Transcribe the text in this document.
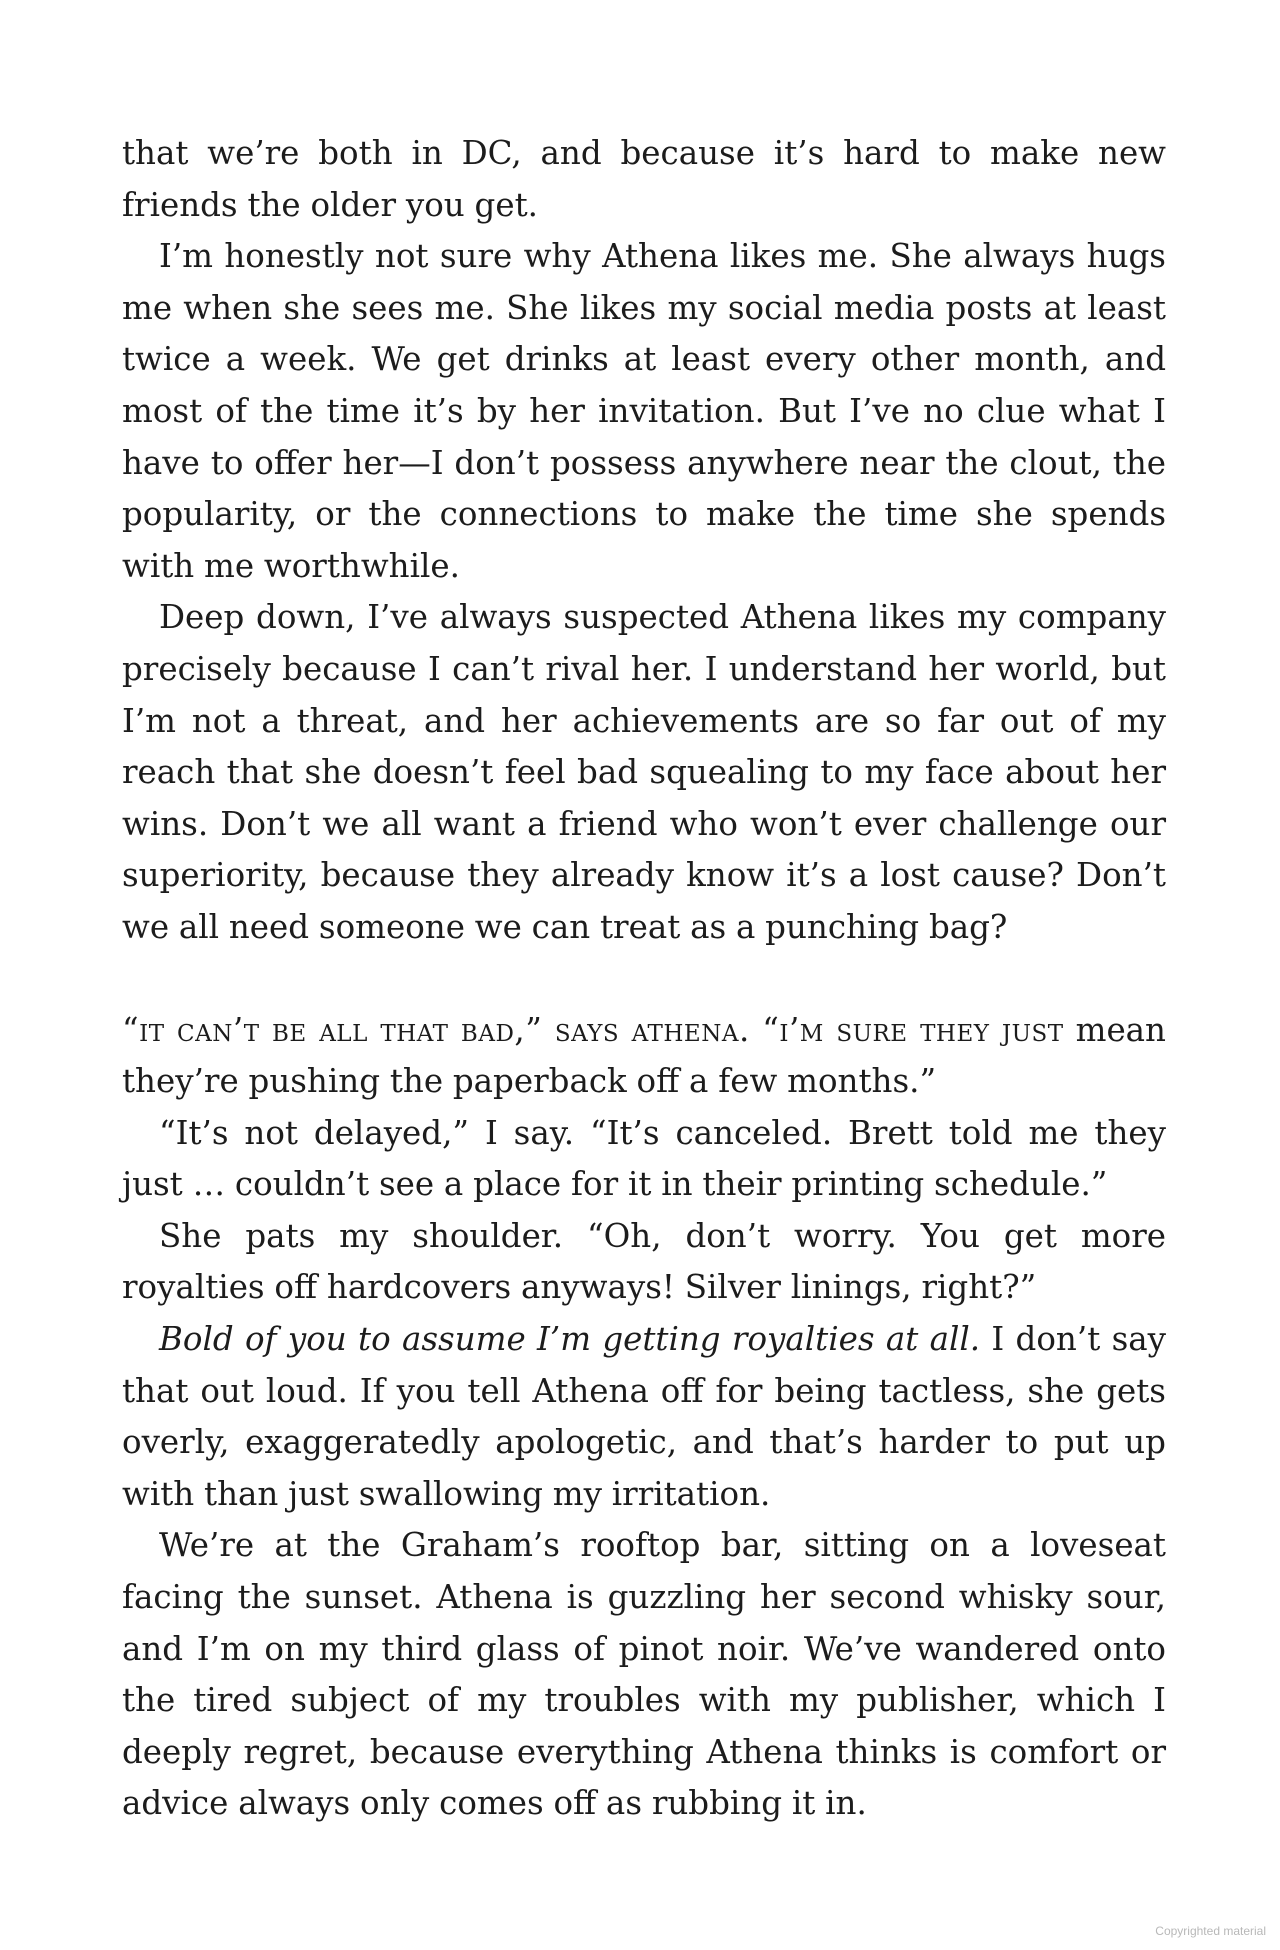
that we’re both in DC, and because it’s hard to make new friends the older you get.

I’m honestly not sure why Athena likes me. She always hugs me when she sees me. She likes my social media posts at least twice a week. We get drinks at least every other month, and most of the time it’s by her invitation. But I’ve no clue what I have to offer her—I don’t possess anywhere near the clout, the popularity, or the connections to make the time she spends with me worthwhile.

Deep down, I’ve always suspected Athena likes my company precisely because I can’t rival her. I understand her world, but I’m not a threat, and her achievements are so far out of my reach that she doesn’t feel bad squealing to my face about her wins. Don’t we all want a friend who won’t ever challenge our superiority, because they already know it’s a lost cause? Don’t we all need someone we can treat as a punching bag?

“it can’t be all that bad,” says athena. “i’m sure they just mean they’re pushing the paperback off a few months.”

“It’s not delayed,” I say. “It’s canceled. Brett told me they just … couldn’t see a place for it in their printing schedule.”

She pats my shoulder. “Oh, don’t worry. You get more royalties off hardcovers anyways! Silver linings, right?”

Bold of you to assume I’m getting royalties at all. I don’t say that out loud. If you tell Athena off for being tactless, she gets overly, exaggeratedly apologetic, and that’s harder to put up with than just swallowing my irritation.

We’re at the Graham’s rooftop bar, sitting on a loveseat facing the sunset. Athena is guzzling her second whisky sour, and I’m on my third glass of pinot noir. We’ve wandered onto the tired subject of my troubles with my publisher, which I deeply regret, because everything Athena thinks is comfort or advice always only comes off as rubbing it in.

Copyrighted material
